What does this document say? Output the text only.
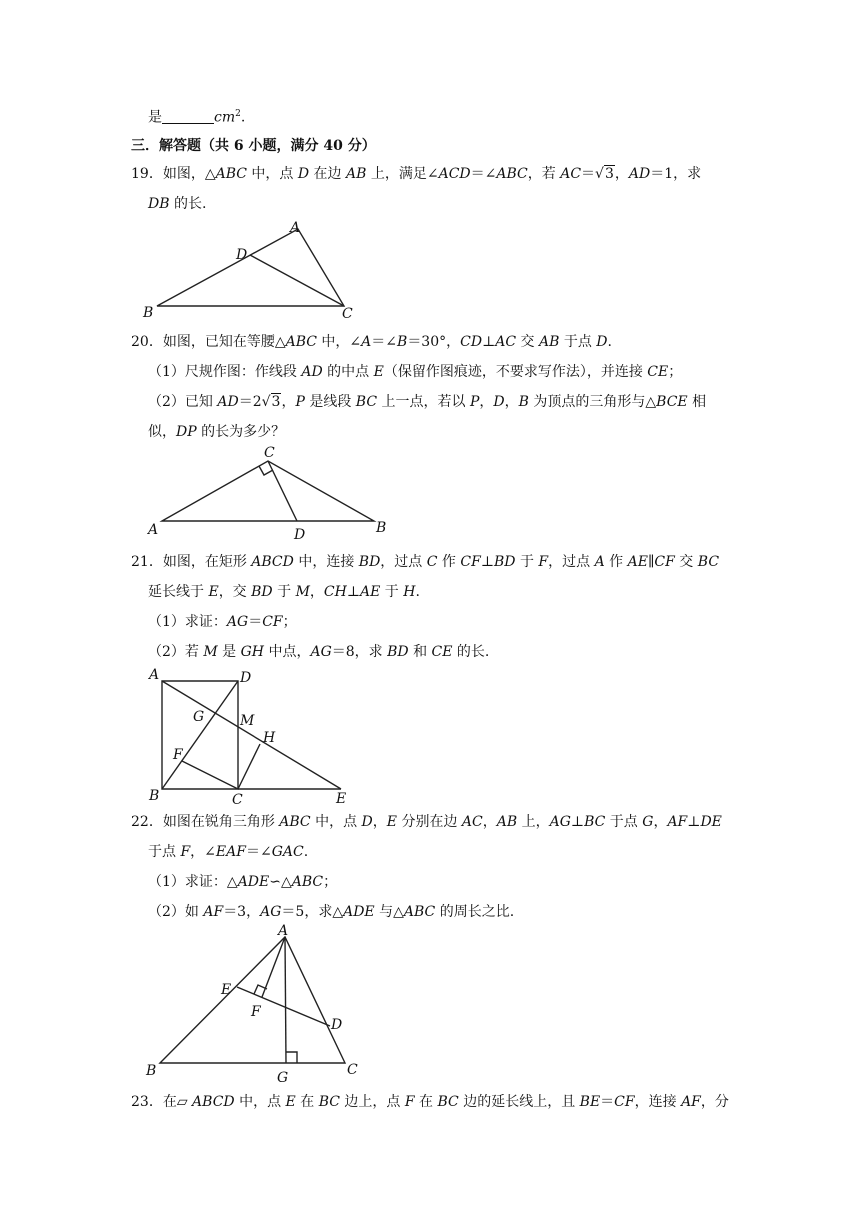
是	$cm^2$.
三．解答题（共 6 小题，满分 40 分）
19．如图，△ABC 中，点 D 在边 AB 上，满足∠ACD＝∠ABC，若 AC＝√3，AD＝1，求
DB 的长.
A
D
B	C
20．如图，已知在等腰△ABC 中，∠A＝∠B＝30°，CD⊥AC 交 AB 于点 D.
（1）尺规作图：作线段 AD 的中点 E（保留作图痕迹，不要求写作法），并连接 CE；
（2）已知 AD＝2√3，P 是线段 BC 上一点，若以 P，D，B 为顶点的三角形与△BCE 相
似，DP 的长为多少？
C
A	D	B
21．如图，在矩形 ABCD 中，连接 BD，过点 C 作 CF⊥BD 于 F，过点 A 作 AE∥CF 交 BC
延长线于 E，交 BD 于 M，CH⊥AE 于 H.
（1）求证：AG＝CF；
（2）若 M 是 GH 中点，AG＝8，求 BD 和 CE 的长.
A	D
G	M
H
F
B	C	E
22．如图在锐角三角形 ABC 中，点 D，E 分别在边 AC，AB 上，AG⊥BC 于点 G，AF⊥DE
于点 F，∠EAF＝∠GAC.
（1）求证：△ADE∽△ABC；
（2）如 AF＝3，AG＝5，求△ADE 与△ABC 的周长之比.
A
E
F
D
B	G	C
23．在▱ ABCD 中，点 E 在 BC 边上，点 F 在 BC 边的延长线上，且 BE＝CF，连接 AF，分
